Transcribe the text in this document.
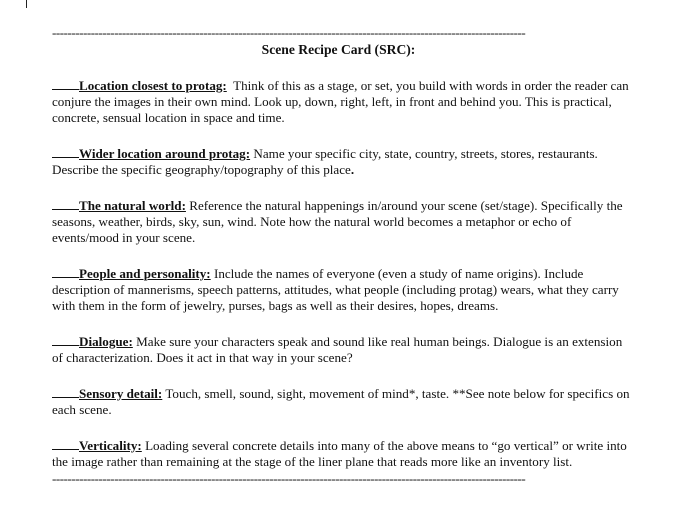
--------------------------------------------------------------------------------------------------------------------------
Scene Recipe Card (SRC):
Location closest to protag: Think of this as a stage, or set, you build with words in order the reader can conjure the images in their own mind. Look up, down, right, left, in front and behind you. This is practical, concrete, sensual location in space and time.
Wider location around protag: Name your specific city, state, country, streets, stores, restaurants. Describe the specific geography/topography of this place.
The natural world: Reference the natural happenings in/around your scene (set/stage). Specifically the seasons, weather, birds, sky, sun, wind. Note how the natural world becomes a metaphor or echo of events/mood in your scene.
People and personality: Include the names of everyone (even a study of name origins). Include description of mannerisms, speech patterns, attitudes, what people (including protag) wears, what they carry with them in the form of jewelry, purses, bags as well as their desires, hopes, dreams.
Dialogue: Make sure your characters speak and sound like real human beings. Dialogue is an extension of characterization. Does it act in that way in your scene?
Sensory detail: Touch, smell, sound, sight, movement of mind*, taste. **See note below for specifics on each scene.
Verticality: Loading several concrete details into many of the above means to “go vertical” or write into the image rather than remaining at the stage of the liner plane that reads more like an inventory list.
--------------------------------------------------------------------------------------------------------------------------
